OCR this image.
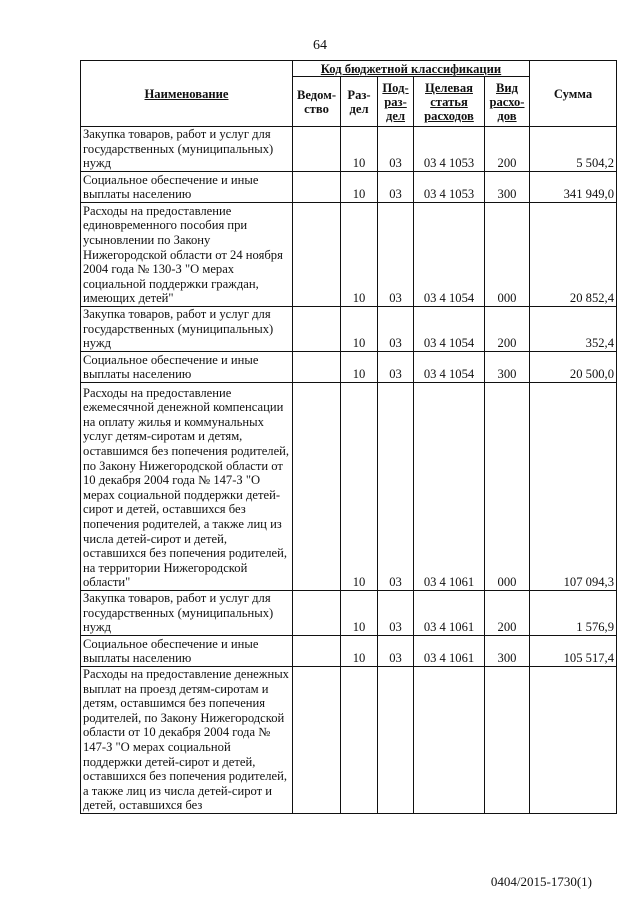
64
Наименование	Код бюджетной классификации					Сумма
	Ведом-ство	Раз-дел	Под-раз-дел	Целевая статья расходов	Вид расхо-дов	
Закупка товаров, работ и услуг для государственных (муниципальных) нужд		10	03	03 4 1053	200	5 504,2
Социальное обеспечение и иные выплаты населению		10	03	03 4 1053	300	341 949,0
Расходы на предоставление единовременного пособия при усыновлении по Закону Нижегородской области от 24 ноября 2004 года № 130-З "О мерах социальной поддержки граждан, имеющих детей"		10	03	03 4 1054	000	20 852,4
Закупка товаров, работ и услуг для государственных (муниципальных) нужд		10	03	03 4 1054	200	352,4
Социальное обеспечение и иные выплаты населению		10	03	03 4 1054	300	20 500,0
Расходы на предоставление ежемесячной денежной компенсации на оплату жилья и коммунальных услуг детям-сиротам и детям, оставшимся без попечения родителей, по Закону Нижегородской области от 10 декабря 2004 года № 147-З "О мерах социальной поддержки детей-сирот и детей, оставшихся без попечения родителей, а также лиц из числа детей-сирот и детей, оставшихся без попечения родителей, на территории Нижегородской области"		10	03	03 4 1061	000	107 094,3
Закупка товаров, работ и услуг для государственных (муниципальных) нужд		10	03	03 4 1061	200	1 576,9
Социальное обеспечение и иные выплаты населению		10	03	03 4 1061	300	105 517,4
Расходы на предоставление денежных выплат на проезд детям-сиротам и детям, оставшимся без попечения родителей, по Закону Нижегородской области от 10 декабря 2004 года № 147-З "О мерах социальной поддержки детей-сирот и детей, оставшихся без попечения родителей, а также лиц из числа детей-сирот и детей, оставшихся без						
0404/2015-1730(1)
